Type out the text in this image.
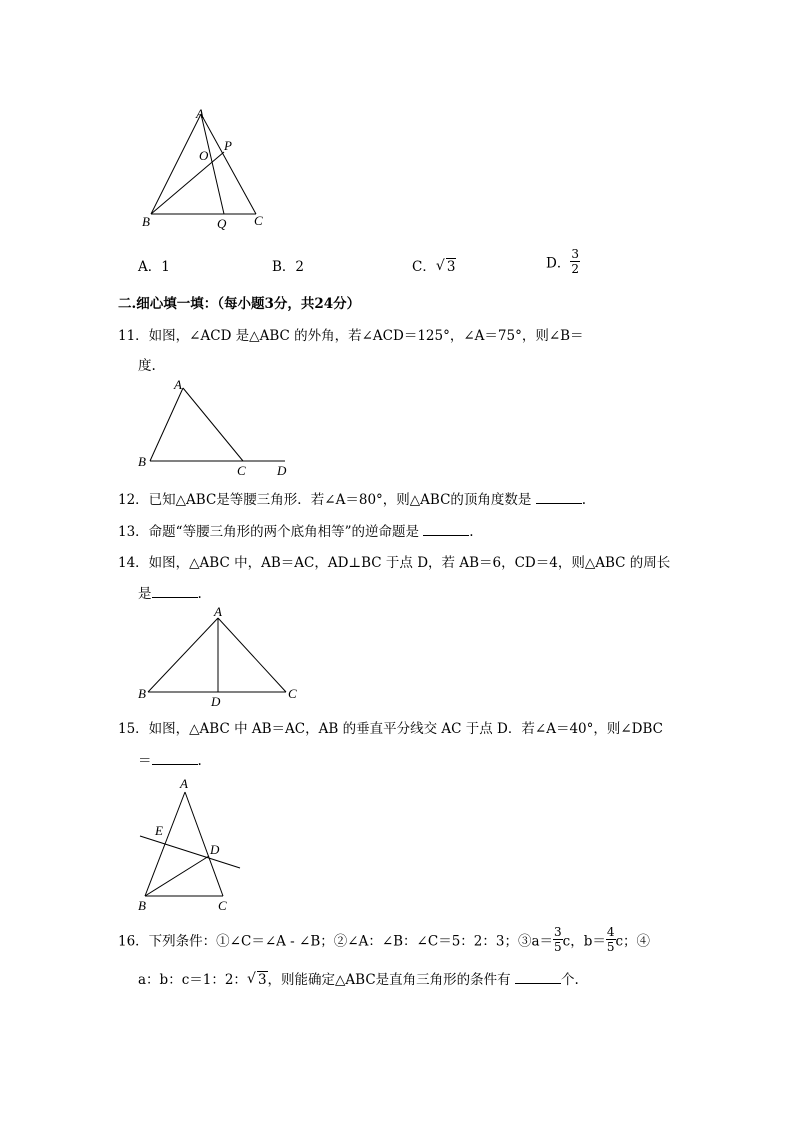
A
O
P
B	Q C
A．1	B．2	C． √ 3	D． $\frac{3}{2}$
二.细心填一填：（每小题3分，共24分）
11．如图，∠ACD 是△ABC 的外角，若∠ACD＝125°，∠A＝75°，则∠B＝
度.
A
B
C D
12．已知△ABC是等腰三角形．若∠A＝80°，则△ABC的顶角度数是	.
13．命题“等腰三角形的两个底角相等”的逆命题是	.
14．如图，△ABC 中，AB＝AC，AD⊥BC 于点 D，若 AB＝6，CD＝4，则△ABC 的周长
是	.
A
B
D
C
15．如图，△ABC 中 AB＝AC，AB 的垂直平分线交 AC 于点 D．若∠A＝40°，则∠DBC
＝	.
A
E
D
B	C
16．下列条件：①∠C＝∠A - ∠B；②∠A：∠B：∠C＝5：2：3；③a＝ $\frac{3}{5}$ c，$b= \frac{4}{5}$ c；④
a：b：c＝1：2： √ 3，则能确定△ABC是直角三角形的条件有	个.
